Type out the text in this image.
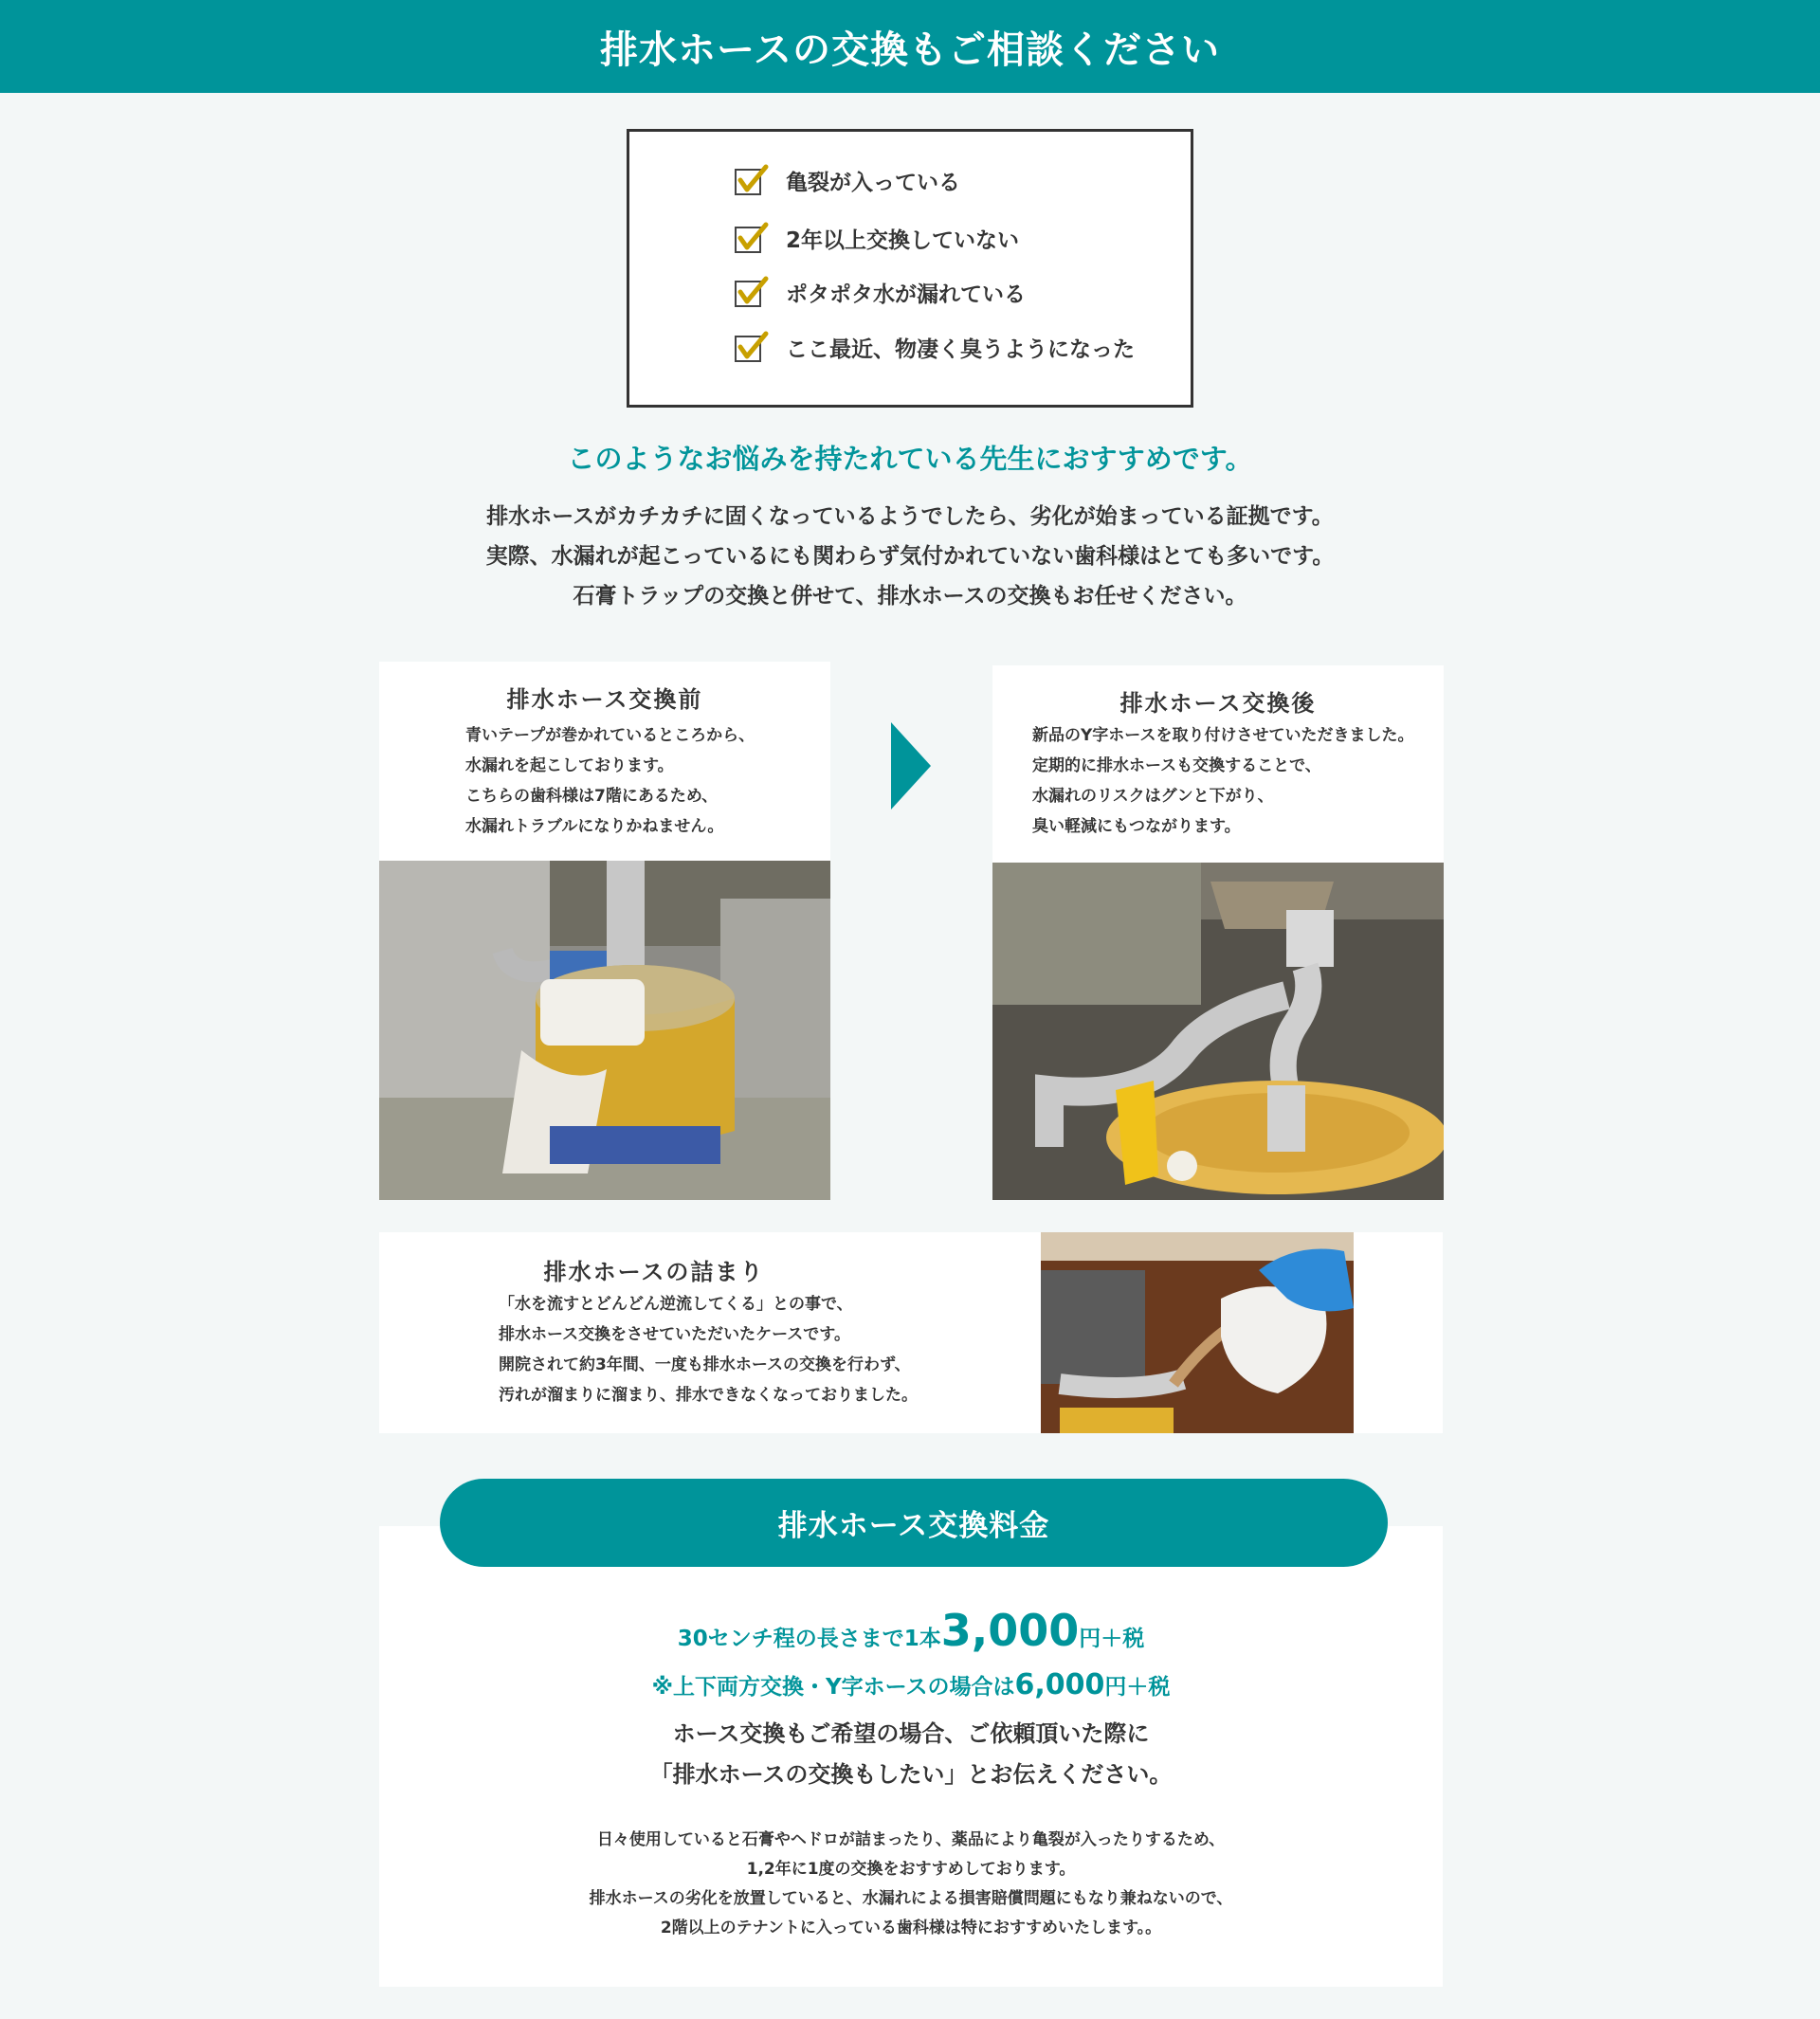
排水ホースの交換もご相談ください
亀裂が入っている
2年以上交換していない
ポタポタ水が漏れている
ここ最近、物凄く臭うようになった
このようなお悩みを持たれている先生におすすめです。
排水ホースがカチカチに固くなっているようでしたら、劣化が始まっている証拠です。
実際、水漏れが起こっているにも関わらず気付かれていない歯科様はとても多いです。
石膏トラップの交換と併せて、排水ホースの交換もお任せください。
排水ホース交換前
青いテープが巻かれているところから、
水漏れを起こしております。
こちらの歯科様は7階にあるため、
水漏れトラブルになりかねません。
排水ホース交換後
新品のY字ホースを取り付けさせていただきました。
定期的に排水ホースも交換することで、
水漏れのリスクはグンと下がり、
臭い軽減にもつながります。
排水ホースの詰まり
「水を流すとどんどん逆流してくる」との事で、
排水ホース交換をさせていただいたケースです。
開院されて約3年間、一度も排水ホースの交換を行わず、
汚れが溜まりに溜まり、排水できなくなっておりました。
排水ホース交換料金
30センチ程の長さまで1本3,000円＋税
※上下両方交換・Y字ホースの場合は6,000円＋税
ホース交換もご希望の場合、ご依頼頂いた際に
「排水ホースの交換もしたい」とお伝えください。
日々使用していると石膏やヘドロが詰まったり、薬品により亀裂が入ったりするため、
1,2年に1度の交換をおすすめしております。
排水ホースの劣化を放置していると、水漏れによる損害賠償問題にもなり兼ねないので、
2階以上のテナントに入っている歯科様は特におすすめいたします。。
